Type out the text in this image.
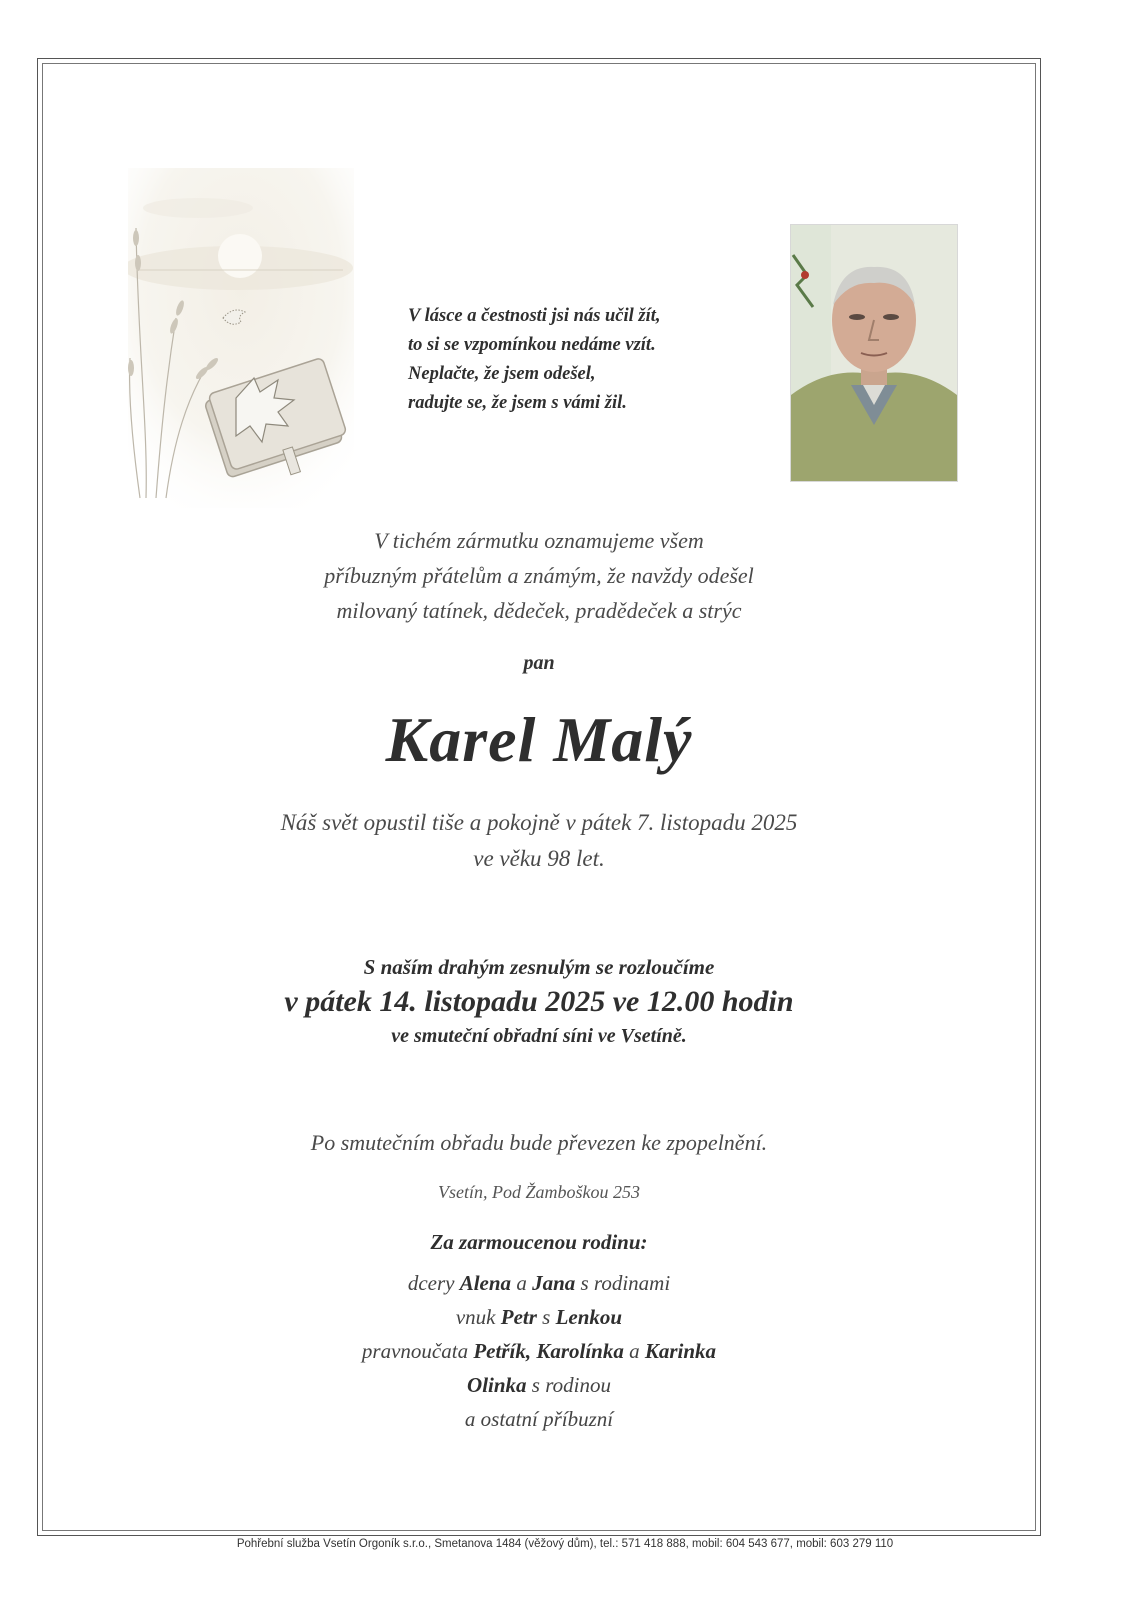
V lásce a čestnosti jsi nás učil žít,
to si se vzpomínkou nedáme vzít.
Neplačte, že jsem odešel,
radujte se, že jsem s vámi žil.
V tichém zármutku oznamujeme všem
příbuzným přátelům a známým, že navždy odešel
milovaný tatínek, dědeček, pradědeček a strýc
pan
Karel Malý
Náš svět opustil tiše a pokojně v pátek 7. listopadu 2025
ve věku 98 let.
S naším drahým zesnulým se rozloučíme
v pátek 14. listopadu 2025 ve 12.00 hodin
ve smuteční obřadní síni ve Vsetíně.
Po smutečním obřadu bude převezen ke zpopelnění.
Vsetín, Pod Žamboškou 253
Za zarmoucenou rodinu:
dcery Alena a Jana s rodinami
vnuk Petr s Lenkou
pravnoučata Petřík, Karolínka a Karinka
Olinka s rodinou
a ostatní příbuzní
Pohřební služba Vsetín Orgoník s.r.o., Smetanova 1484 (věžový dům), tel.: 571 418 888, mobil: 604 543 677, mobil: 603 279 110
